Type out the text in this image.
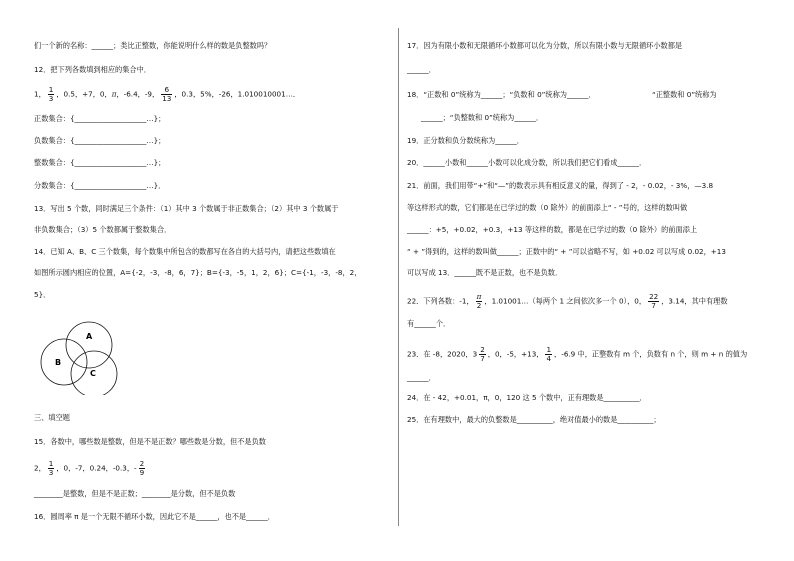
们一个新的名称：______；类比正整数，你能说明什么样的数是负整数吗？
12．把下列各数填到相应的集合中．
1， $\frac{1}{3}$ ，0.5，+7，0，π，-6.4，-9， $\frac{6}{13}$ ，0.3，5%，-26，1.010010001…．
正数集合：{____________________…}；
负数集合：{____________________…}；
整数集合：{____________________…}；
分数集合：{____________________…}．
13．写出 5 个数，同时满足三个条件：（1）其中 3 个数属于非正数集合；（2）其中 3 个数属于
非负数集合；（3）5 个数都属于整数集合．
14．已知 A、B、C 三个数集，每个数集中所包含的数都写在各自的大括号内，请把这些数填在
如图所示圆内相应的位置，A={-2，-3，-8，6，7}；B={-3，-5，1，2，6}；C={-1，-3，-8，2，
5}．
三、填空题
15．各数中，哪些数是整数，但是不是正数？哪些数是分数，但不是负数
2， $\frac{1}{3}$ ，0，-7，0.24，-0.3，- $\frac{2}{9}$
________是整数，但是不是正数；________是分数，但不是负数
16．圆周率 π 是一个无限不循环小数，因此它不是______，也不是______．
A
B
C
17．因为有限小数和无限循环小数都可以化为分数，所以有限小数与无限循环小数都是
______．
18．“正数和 0”统称为______；“负数和 0”统称为______．	“正整数和 0”统称为
______；“负整数和 0”统称为______．
19．正分数和负分数统称为______．
20．______小数和______小数可以化成分数，所以我们把它们看成______．
21．前面，我们用带“+”和“—”的数表示具有相反意义的量，得到了 - 2，- 0.02，- 3%，—3.8
等这样形式的数，它们都是在已学过的数（0 除外）的前面添上“ - ”号的，这样的数叫做
______：+5，+0.02，+0.3，+13 等这样的数，都是在已学过的数（0 除外）的前面添上
“ + ”得到的，这样的数叫做______；正数中的“ + ”可以省略不写，如 +0.02 可以写成 0.02，+13
可以写成 13．______既不是正数，也不是负数．
22．下列各数：-1， $\frac{\pi}{2}$ ，1.01001…（每两个 1 之间依次多一个 0），0， $\frac{22}{7}$ ，3.14，其中有理数
有______个．
23．在 -8，2020，$3 \frac{2}{7}$ ，0，-5，+13， $\frac{1}{4}$ ，-6.9 中，正整数有 m 个，负数有 n 个，则 m + n 的值为
______．
24．在 - 42，+0.01，π，0，120 这 5 个数中，正有理数是__________．
25．在有理数中，最大的负整数是__________，绝对值最小的数是__________；
